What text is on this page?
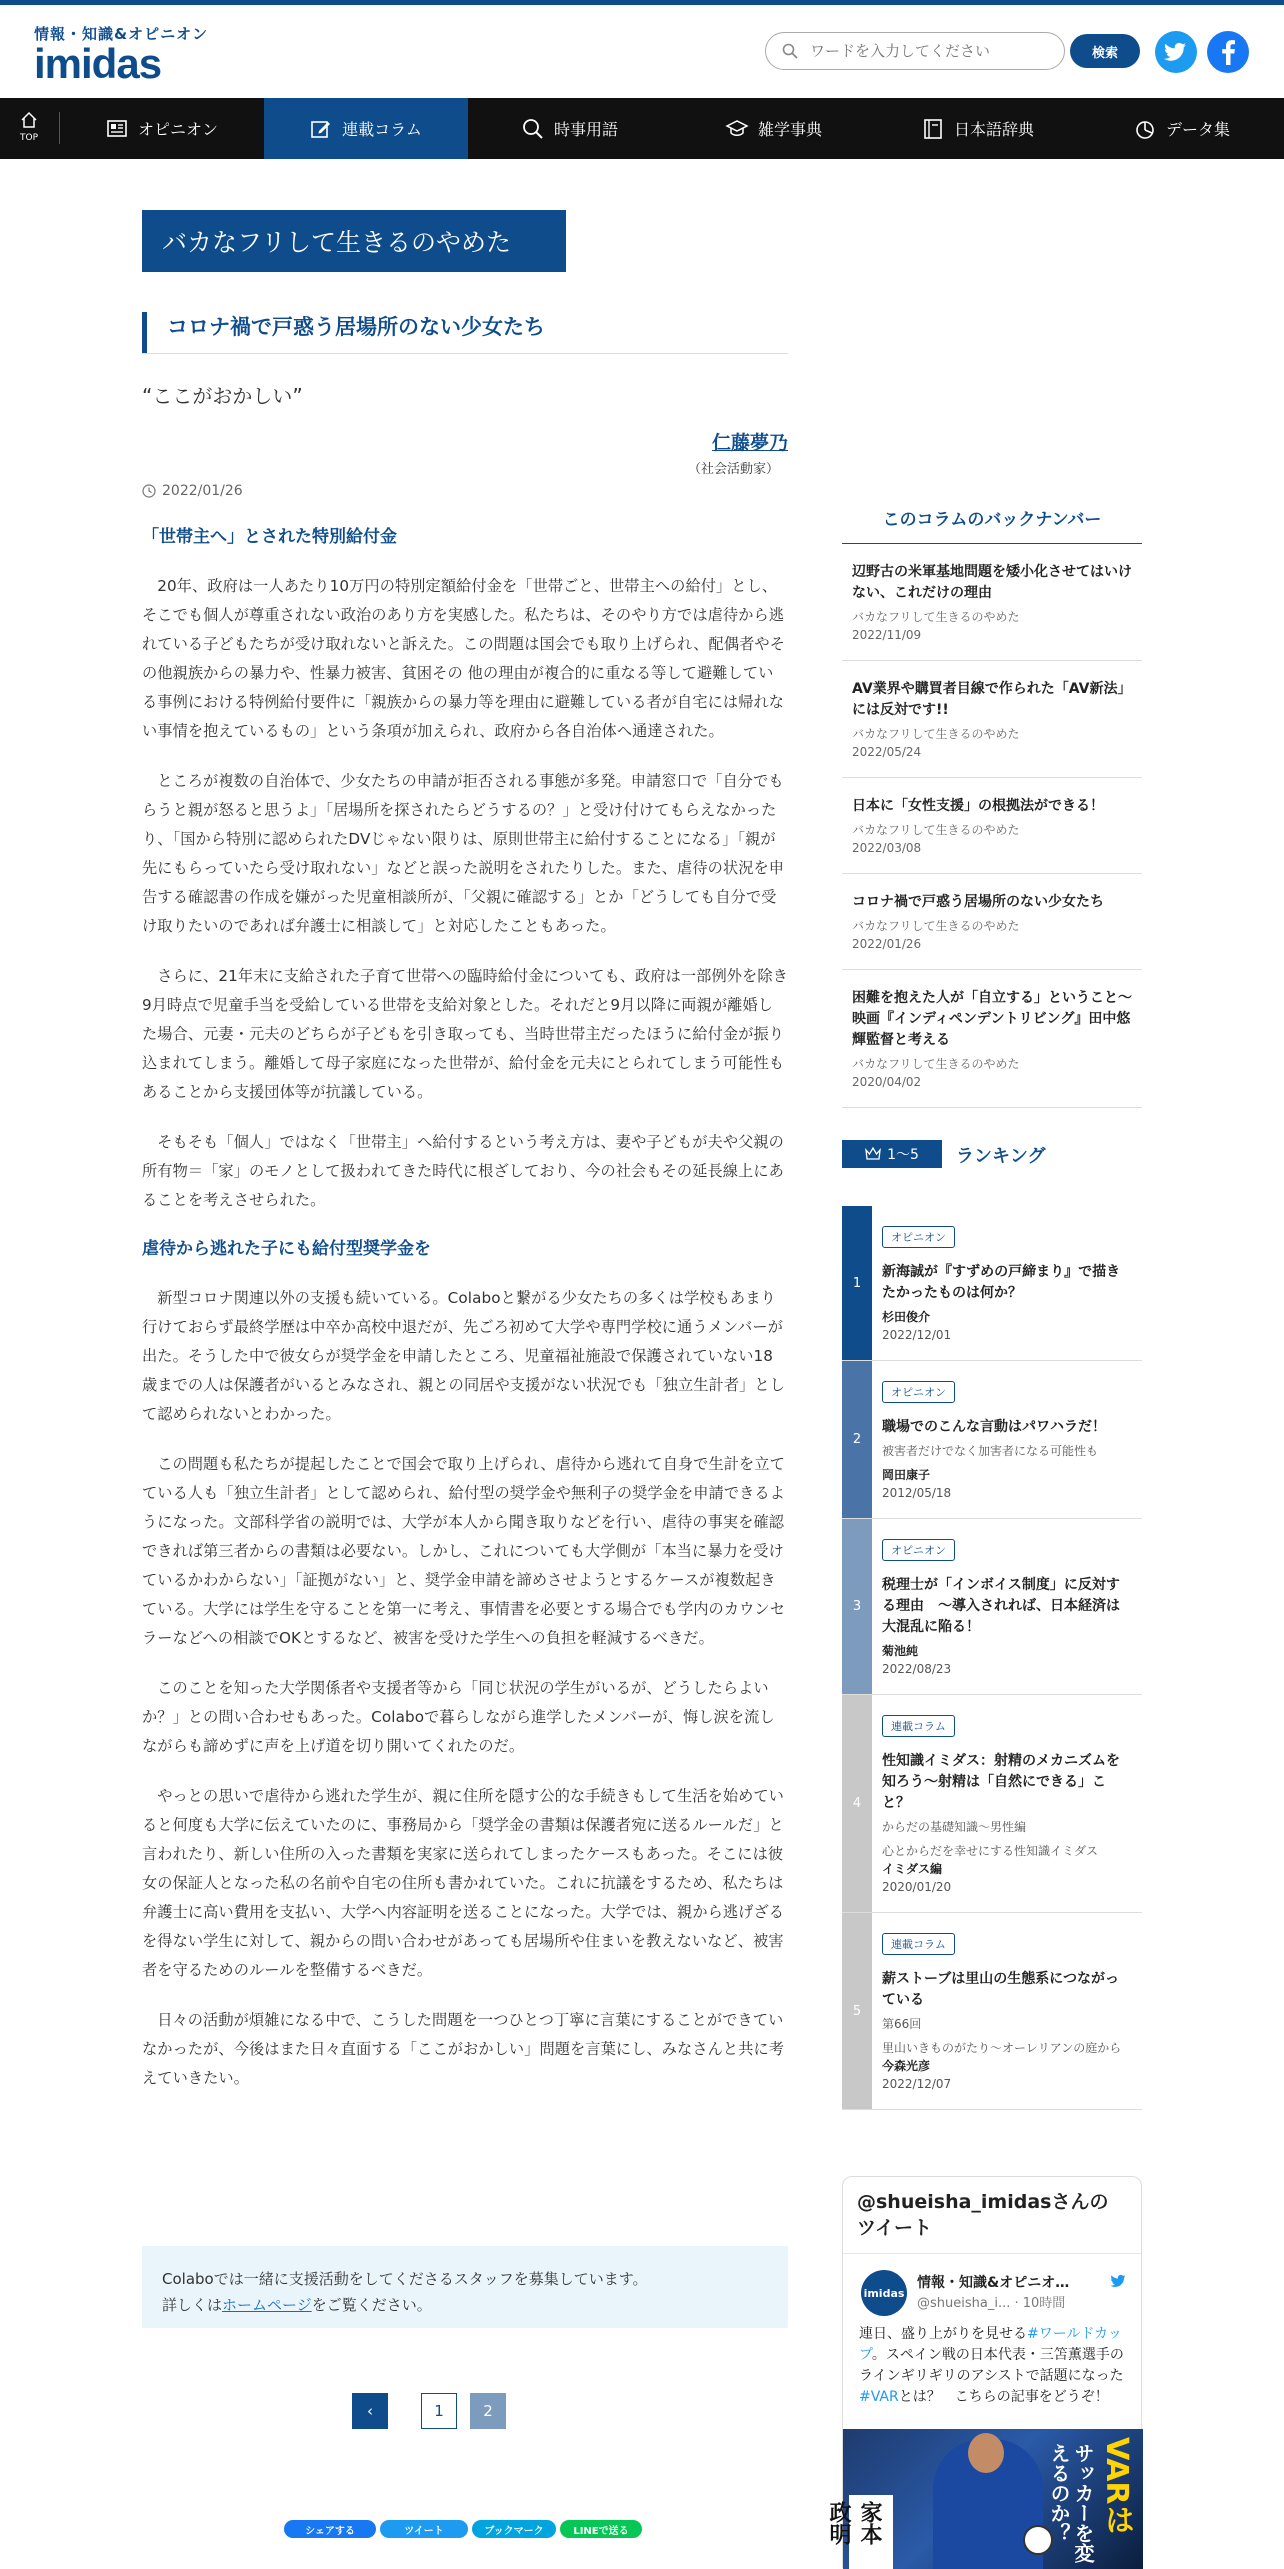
情報・知識&オピニオン
imidas
ワードを入力してください	検索
TOP	オピニオン	連載コラム	時事用語	雑学事典	日本語辞典	データ集
バカなフリして生きるのやめた
コロナ禍で戸惑う居場所のない少女たち
“ここがおかしい”
仁藤夢乃
（社会活動家）
2022/01/26
「世帯主へ」とされた特別給付金

20年、政府は一人あたり10万円の特別定額給付金を「世帯ごと、世帯主への給付」とし、そこでも個人が尊重されない政治のあり方を実感した。私たちは、そのやり方では虐待から逃れている子どもたちが受け取れないと訴えた。この問題は国会でも取り上げられ、配偶者やその他親族からの暴力や、性暴力被害、貧困その 他の理由が複合的に重なる等して避難している事例における特例給付要件に「親族からの暴力等を理由に避難している者が自宅には帰れない事情を抱えているもの」という条項が加えられ、政府から各自治体へ通達された。

ところが複数の自治体で、少女たちの申請が拒否される事態が多発。申請窓口で「自分でもらうと親が怒ると思うよ」「居場所を探されたらどうするの？」と受け付けてもらえなかったり、「国から特別に認められたDVじゃない限りは、原則世帯主に給付することになる」「親が先にもらっていたら受け取れない」などと誤った説明をされたりした。また、虐待の状況を申告する確認書の作成を嫌がった児童相談所が、「父親に確認する」とか「どうしても自分で受け取りたいのであれば弁護士に相談して」と対応したこともあった。

さらに、21年末に支給された子育て世帯への臨時給付金についても、政府は一部例外を除き9月時点で児童手当を受給している世帯を支給対象とした。それだと9月以降に両親が離婚した場合、元妻・元夫のどちらが子どもを引き取っても、当時世帯主だったほうに給付金が振り込まれてしまう。離婚して母子家庭になった世帯が、給付金を元夫にとられてしまう可能性もあることから支援団体等が抗議している。

そもそも「個人」ではなく「世帯主」へ給付するという考え方は、妻や子どもが夫や父親の所有物＝「家」のモノとして扱われてきた時代に根ざしており、今の社会もその延長線上にあることを考えさせられた。

虐待から逃れた子にも給付型奨学金を

新型コロナ関連以外の支援も続いている。Colaboと繋がる少女たちの多くは学校もあまり行けておらず最終学歴は中卒か高校中退だが、先ごろ初めて大学や専門学校に通うメンバーが出た。そうした中で彼女らが奨学金を申請したところ、児童福祉施設で保護されていない18歳までの人は保護者がいるとみなされ、親との同居や支援がない状況でも「独立生計者」として認められないとわかった。

この問題も私たちが提起したことで国会で取り上げられ、虐待から逃れて自身で生計を立てている人も「独立生計者」として認められ、給付型の奨学金や無利子の奨学金を申請できるようになった。文部科学省の説明では、大学が本人から聞き取りなどを行い、虐待の事実を確認できれば第三者からの書類は必要ない。しかし、これについても大学側が「本当に暴力を受けているかわからない」「証拠がない」と、奨学金申請を諦めさせようとするケースが複数起きている。大学には学生を守ることを第一に考え、事情書を必要とする場合でも学内のカウンセラーなどへの相談でOKとするなど、被害を受けた学生への負担を軽減するべきだ。

このことを知った大学関係者や支援者等から「同じ状況の学生がいるが、どうしたらよいか？」との問い合わせもあった。Colaboで暮らしながら進学したメンバーが、悔し涙を流しながらも諦めずに声を上げ道を切り開いてくれたのだ。

やっとの思いで虐待から逃れた学生が、親に住所を隠す公的な手続きもして生活を始めていると何度も大学に伝えていたのに、事務局から「奨学金の書類は保護者宛に送るルールだ」と言われたり、新しい住所の入った書類を実家に送られてしまったケースもあった。そこには彼女の保証人となった私の名前や自宅の住所も書かれていた。これに抗議をするため、私たちは弁護士に高い費用を支払い、大学へ内容証明を送ることになった。大学では、親から逃げざるを得ない学生に対して、親からの問い合わせがあっても居場所や住まいを教えないなど、被害者を守るためのルールを整備するべきだ。

日々の活動が煩雑になる中で、こうした問題を一つひとつ丁寧に言葉にすることができていなかったが、今後はまた日々直面する「ここがおかしい」問題を言葉にし、みなさんと共に考えていきたい。

Colaboでは一緒に支援活動をしてくださるスタッフを募集しています。
詳しくはホームページをご覧ください。
‹	1	2
シェアする	ツイート	ブックマーク	LINEで送る
このコラムのバックナンバー
辺野古の米軍基地問題を矮小化させてはいけない、これだけの理由
バカなフリして生きるのやめた
2022/11/09
AV業界や購買者目線で作られた「AV新法」には反対です!!
バカなフリして生きるのやめた
2022/05/24
日本に「女性支援」の根拠法ができる！
バカなフリして生きるのやめた
2022/03/08
コロナ禍で戸惑う居場所のない少女たち
バカなフリして生きるのやめた
2022/01/26
困難を抱えた人が「自立する」ということ～映画『インディペンデントリビング』田中悠輝監督と考える
バカなフリして生きるのやめた
2020/04/02
1～5 ランキング
1
オピニオン
新海誠が『すずめの戸締まり』で描きたかったものは何か？
杉田俊介
2022/12/01
2
オピニオン
職場でのこんな言動はパワハラだ！
被害者だけでなく加害者になる可能性も
岡田康子
2012/05/18
3
オピニオン
税理士が「インボイス制度」に反対する理由　～導入されれば、日本経済は大混乱に陥る！
菊池純
2022/08/23
4
連載コラム
性知識イミダス：射精のメカニズムを知ろう～射精は「自然にできる」こと？
からだの基礎知識～男性編
心とからだを幸せにする性知識イミダス
イミダス編
2020/01/20
5
連載コラム
薪ストーブは里山の生態系につながっている
第66回
里山いきものがたり～オーレリアンの庭から
今森光彦
2022/12/07
@shueisha_imidasさんのツイート
imidas
情報・知識&オピニオ…
@shueisha_i... · 10時間
連日、盛り上がりを見せる#ワールドカップ。スペイン戦の日本代表・三笘薫選手のラインギリギリのアシストで話題になった#VARとは？　こちらの記事をどうぞ！
VARは
サッカーを変えるのか？
家本政明
